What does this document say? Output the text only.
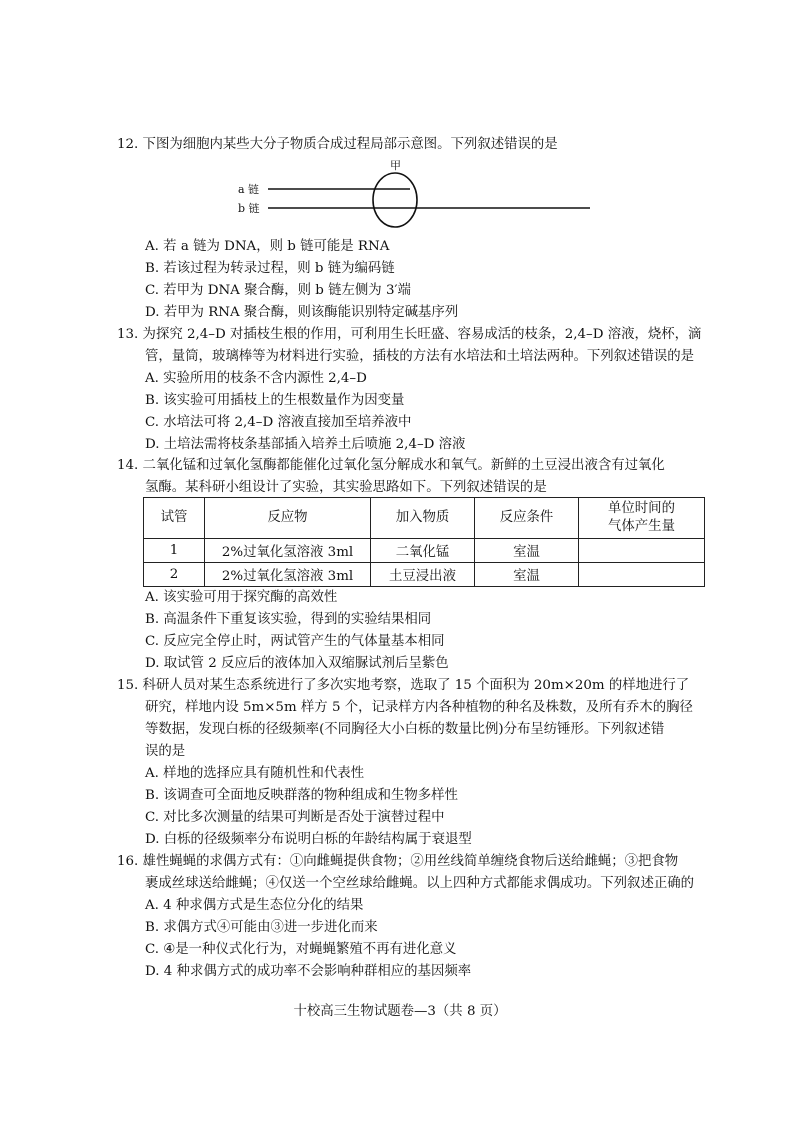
12. 下图为细胞内某些大分子物质合成过程局部示意图。下列叙述错误的是
甲
a 链
b 链
A. 若 a 链为 DNA，则 b 链可能是 RNA
B. 若该过程为转录过程，则 b 链为编码链
C. 若甲为 DNA 聚合酶，则 b 链左侧为 3′端
D. 若甲为 RNA 聚合酶，则该酶能识别特定碱基序列
13. 为探究 2,4–D 对插枝生根的作用，可利用生长旺盛、容易成活的枝条，2,4–D 溶液，烧杯，滴
管，量筒，玻璃棒等为材料进行实验，插枝的方法有水培法和土培法两种。下列叙述错误的是
A. 实验所用的枝条不含内源性 2,4–D
B. 该实验可用插枝上的生根数量作为因变量
C. 水培法可将 2,4–D 溶液直接加至培养液中
D. 土培法需将枝条基部插入培养土后喷施 2,4–D 溶液
14. 二氧化锰和过氧化氢酶都能催化过氧化氢分解成水和氧气。新鲜的土豆浸出液含有过氧化
氢酶。某科研小组设计了实验，其实验思路如下。下列叙述错误的是
试管	反应物	加入物质	反应条件	单位时间的
气体产生量

1	2%过氧化氢溶液 3ml	二氧化锰	室温	
2	2%过氧化氢溶液 3ml	土豆浸出液	室温	
A. 该实验可用于探究酶的高效性
B. 高温条件下重复该实验，得到的实验结果相同
C. 反应完全停止时，两试管产生的气体量基本相同
D. 取试管 2 反应后的液体加入双缩脲试剂后呈紫色
15. 科研人员对某生态系统进行了多次实地考察，选取了 15 个面积为 20m×20m 的样地进行了
研究，样地内设 5m×5m 样方 5 个，记录样方内各种植物的种名及株数，及所有乔木的胸径
等数据，发现白栎的径级频率(不同胸径大小白栎的数量比例)分布呈纺锤形。下列叙述错
误的是
A. 样地的选择应具有随机性和代表性
B. 该调查可全面地反映群落的物种组成和生物多样性
C. 对比多次测量的结果可判断是否处于演替过程中
D. 白栎的径级频率分布说明白栎的年龄结构属于衰退型
16. 雄性蝇蝇的求偶方式有：①向雌蝇提供食物；②用丝线简单缠绕食物后送给雌蝇；③把食物
裹成丝球送给雌蝇；④仅送一个空丝球给雌蝇。以上四种方式都能求偶成功。下列叙述正确的
A. 4 种求偶方式是生态位分化的结果
B. 求偶方式④可能由③进一步进化而来
C. ④是一种仪式化行为，对蝇蝇繁殖不再有进化意义
D. 4 种求偶方式的成功率不会影响种群相应的基因频率
十校高三生物试题卷—3（共 8 页）
